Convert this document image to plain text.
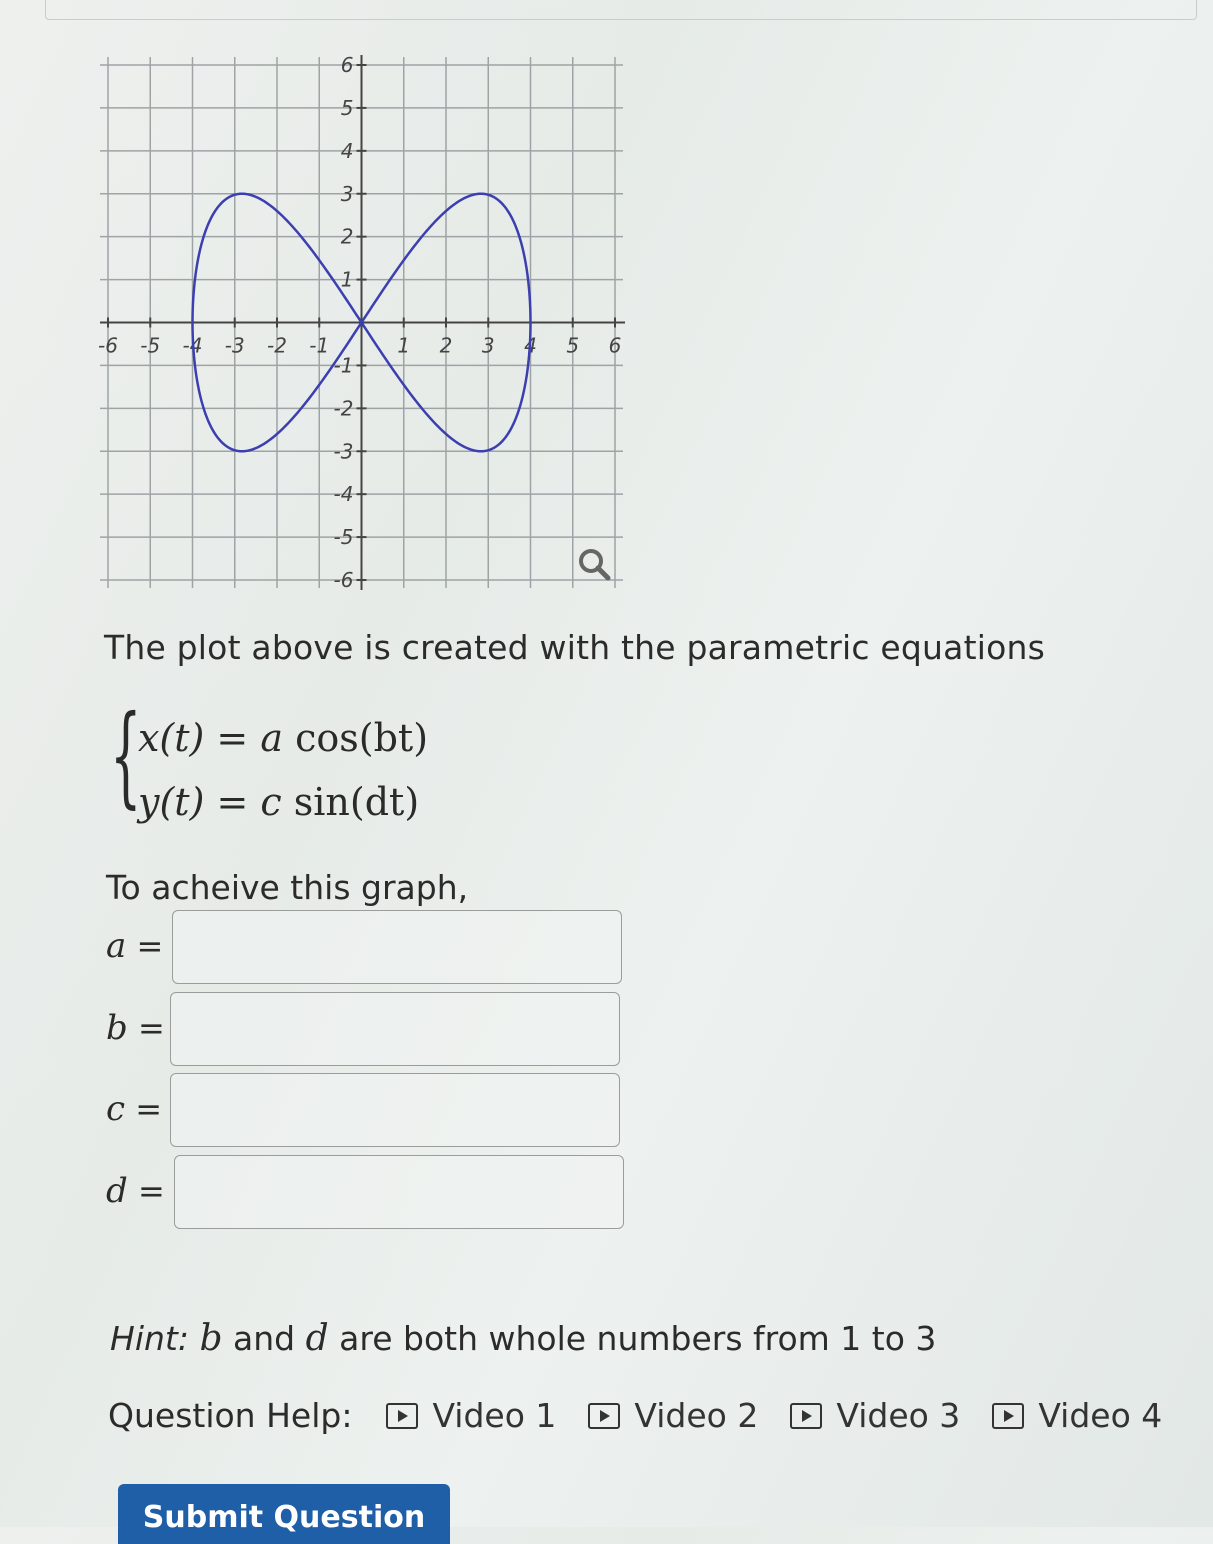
-6 -5 -4 -3 -2 -1	1 2 3 4 5 6
6
5
4
3
2
1
-1
-2
-3
-4
-5
-6
The plot above is created with the parametric equations
{
x(t) = a cos(bt)
y(t) = c sin(dt)
To acheive this graph,
a =
b =
c =
d =
Hint: b and d are both whole numbers from 1 to 3
Question Help: Video 1 Video 2 Video 3 Video 4
Submit Question
